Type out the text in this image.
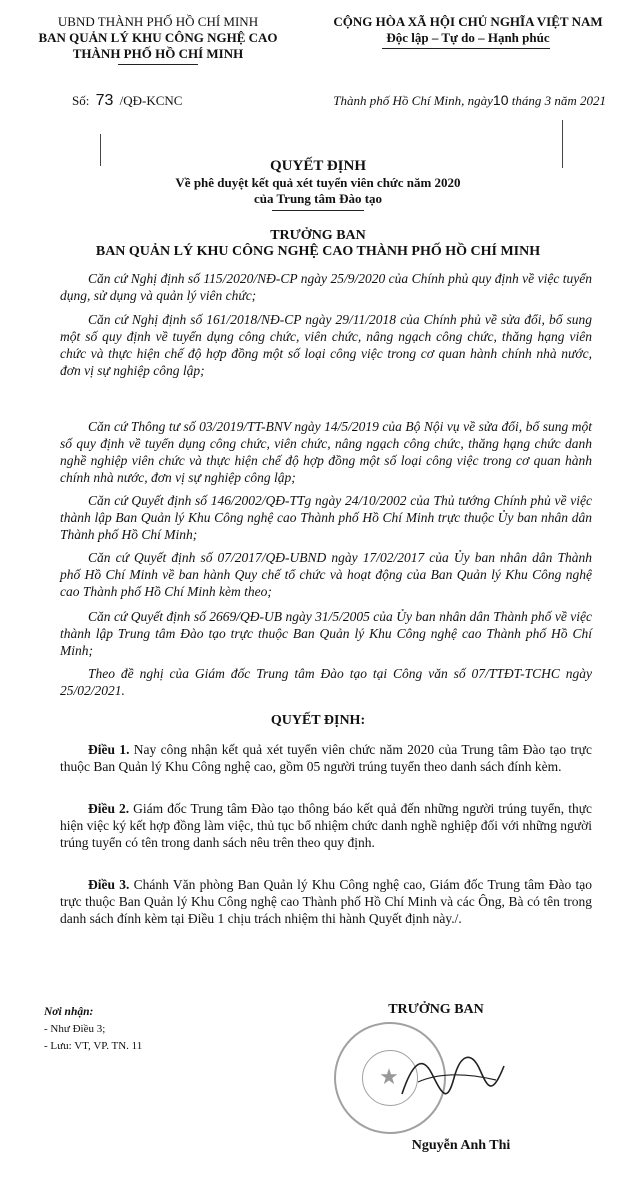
UBND THÀNH PHỐ HỒ CHÍ MINH
BAN QUẢN LÝ KHU CÔNG NGHỆ CAO
THÀNH PHỐ HỒ CHÍ MINH
CỘNG HÒA XÃ HỘI CHỦ NGHĨA VIỆT NAM
Độc lập – Tự do – Hạnh phúc
Số: 73 /QĐ-KCNC	Thành phố Hồ Chí Minh, ngày10 tháng 3 năm 2021
QUYẾT ĐỊNH
Về phê duyệt kết quả xét tuyển viên chức năm 2020
của Trung tâm Đào tạo
TRƯỞNG BAN
BAN QUẢN LÝ KHU CÔNG NGHỆ CAO THÀNH PHỐ HỒ CHÍ MINH

Căn cứ Nghị định số 115/2020/NĐ-CP ngày 25/9/2020 của Chính phủ quy định về việc tuyển dụng, sử dụng và quản lý viên chức;

Căn cứ Nghị định số 161/2018/NĐ-CP ngày 29/11/2018 của Chính phủ về sửa đổi, bổ sung một số quy định về tuyển dụng công chức, viên chức, nâng ngạch công chức, thăng hạng viên chức và thực hiện chế độ hợp đồng một số loại công việc trong cơ quan hành chính nhà nước, đơn vị sự nghiệp công lập;

Căn cứ Thông tư số 03/2019/TT-BNV ngày 14/5/2019 của Bộ Nội vụ về sửa đổi, bổ sung một số quy định về tuyển dụng công chức, viên chức, nâng ngạch công chức, thăng hạng chức danh nghề nghiệp viên chức và thực hiện chế độ hợp đồng một số loại công việc trong cơ quan hành chính nhà nước, đơn vị sự nghiệp công lập;

Căn cứ Quyết định số 146/2002/QĐ-TTg ngày 24/10/2002 của Thủ tướng Chính phủ về việc thành lập Ban Quản lý Khu Công nghệ cao Thành phố Hồ Chí Minh trực thuộc Ủy ban nhân dân Thành phố Hồ Chí Minh;

Căn cứ Quyết định số 07/2017/QĐ-UBND ngày 17/02/2017 của Ủy ban nhân dân Thành phố Hồ Chí Minh về ban hành Quy chế tổ chức và hoạt động của Ban Quản lý Khu Công nghệ cao Thành phố Hồ Chí Minh kèm theo;

Căn cứ Quyết định số 2669/QĐ-UB ngày 31/5/2005 của Ủy ban nhân dân Thành phố về việc thành lập Trung tâm Đào tạo trực thuộc Ban Quản lý Khu Công nghệ cao Thành phố Hồ Chí Minh;

Theo đề nghị của Giám đốc Trung tâm Đào tạo tại Công văn số 07/TTĐT-TCHC ngày 25/02/2021.

QUYẾT ĐỊNH:

Điều 1. Nay công nhận kết quả xét tuyển viên chức năm 2020 của Trung tâm Đào tạo trực thuộc Ban Quản lý Khu Công nghệ cao, gồm 05 người trúng tuyển theo danh sách đính kèm.

Điều 2. Giám đốc Trung tâm Đào tạo thông báo kết quả đến những người trúng tuyển, thực hiện việc ký kết hợp đồng làm việc, thủ tục bổ nhiệm chức danh nghề nghiệp đối với những người trúng tuyển có tên trong danh sách nêu trên theo quy định.

Điều 3. Chánh Văn phòng Ban Quản lý Khu Công nghệ cao, Giám đốc Trung tâm Đào tạo trực thuộc Ban Quản lý Khu Công nghệ cao Thành phố Hồ Chí Minh và các Ông, Bà có tên trong danh sách đính kèm tại Điều 1 chịu trách nhiệm thi hành Quyết định này./.

Nơi nhận:
- Như Điều 3;
- Lưu: VT, VP. TN. 11
TRƯỞNG BAN
★
Nguyễn Anh Thi
